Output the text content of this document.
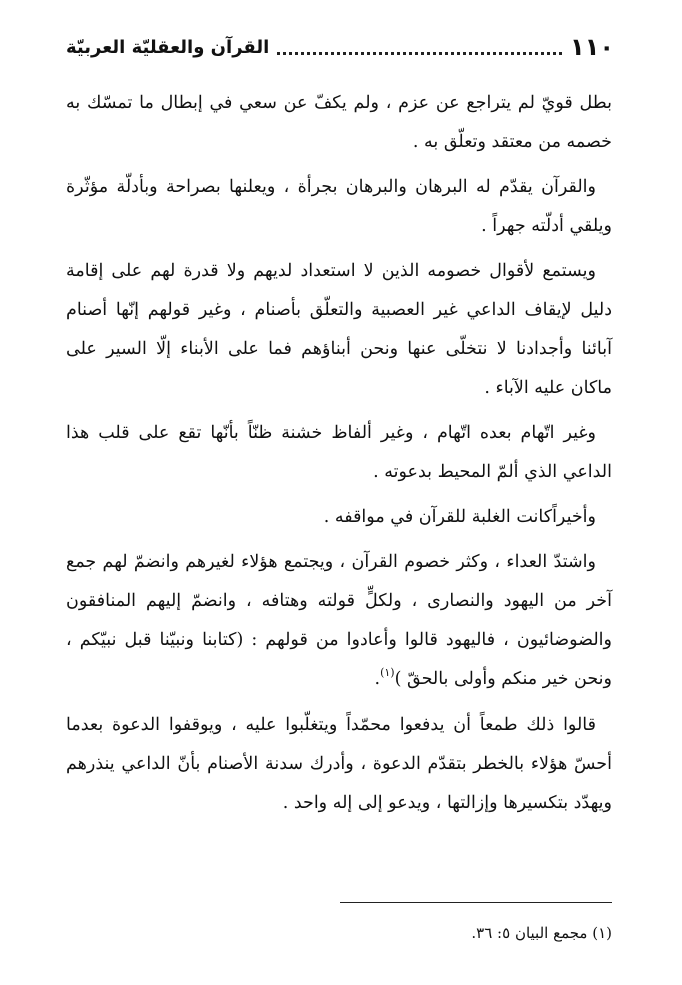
١١٠
القرآن والعقليّة العربيّة

بطل قويّ لم يتراجع عن عزم ، ولم يكفّ عن سعي في إبطال ما تمسّك به خصمه من معتقد وتعلّق به .

والقرآن يقدّم له البرهان والبرهان بجرأة ، ويعلنها بصراحة وبأدلّة مؤثّرة ويلقي أدلّته جهراً .

ويستمع لأقوال خصومه الذين لا استعداد لديهم ولا قدرة لهم على إقامة دليل لإيقاف الداعي غير العصبية والتعلّق بأصنام ، وغير قولهم إنّها أصنام آبائنا وأجدادنا لا نتخلّى عنها ونحن أبناؤهم فما على الأبناء إلّا السير على ماكان عليه الآباء .

وغير اتّهام بعده اتّهام ، وغير ألفاظ خشنة ظنّاً بأنّها تقع على قلب هذا الداعي الذي ألمّ المحيط بدعوته .

وأخيراًكانت الغلبة للقرآن في مواقفه .

واشتدّ العداء ، وكثر خصوم القرآن ، ويجتمع هؤلاء لغيرهم وانضمّ لهم جمع آخر من اليهود والنصارى ، ولكلٍّ قولته وهتافه ، وانضمّ إليهم المنافقون والضوضائيون ، فاليهود قالوا وأعادوا من قولهم : (كتابنا ونبيّنا قبل نبيّكم ، ونحن خير منكم وأولى بالحقّ )$^{(١)}$.

قالوا ذلك طمعاً أن يدفعوا محمّداً ويتغلّبوا عليه ، ويوقفوا الدعوة بعدما أحسّ هؤلاء بالخطر بتقدّم الدعوة ، وأدرك سدنة الأصنام بأنّ الداعي ينذرهم ويهدّد بتكسيرها وإزالتها ، ويدعو إلى إله واحد .

(١) مجمع البيان ٥: ٣٦.
